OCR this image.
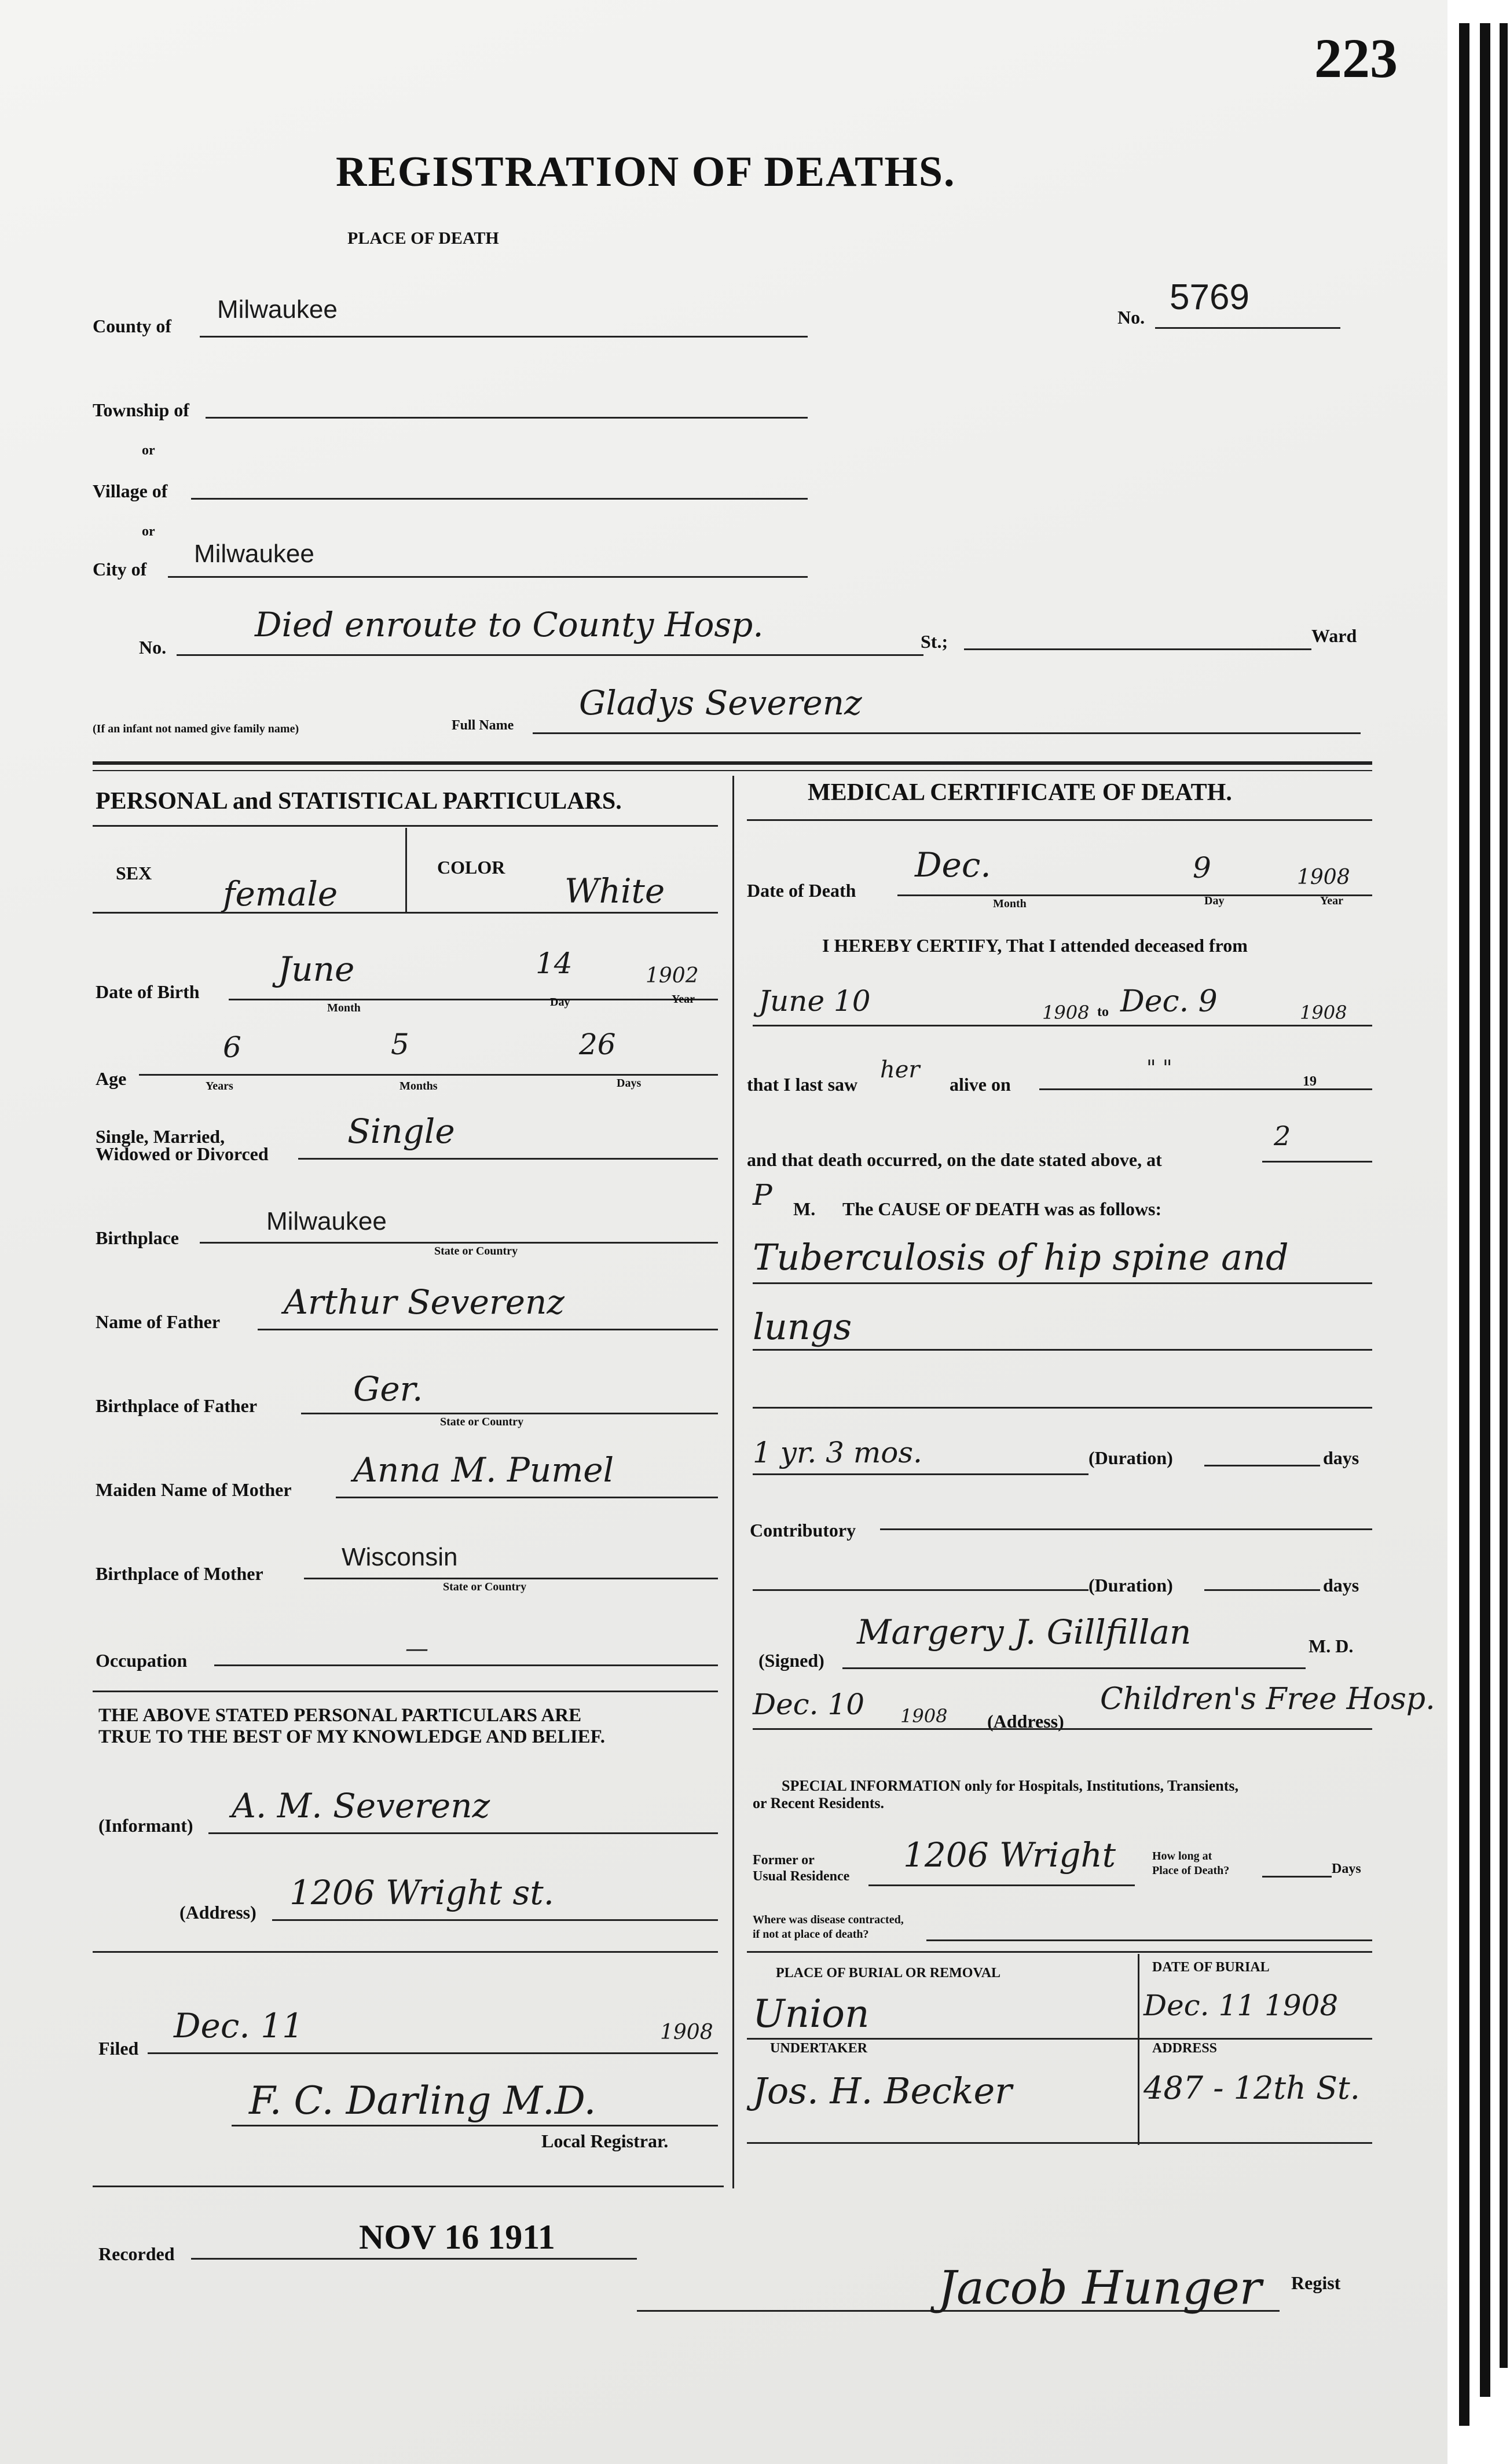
223
REGISTRATION OF DEATHS.
PLACE OF DEATH
County of
Milwaukee	No. 5769
Township of
or
Village of
or
City of
Milwaukee
No.
Died enroute to County Hosp.	St.;	Ward
(If an infant not named give family name)	Full Name
Gladys Severenz
PERSONAL and STATISTICAL PARTICULARS.
SEX
female
COLOR
White
Date of Birth
June	14	1902
Month	Day	Year
Age
6	5	26
Years	Months	Days
Single, Married,
Widowed or Divorced
Single
Birthplace
Milwaukee
State or Country
Name of Father Arthur Severenz
Birthplace of Father	Ger.
State or Country
Maiden Name of Mother Anna M. Pumel
Birthplace of Mother
Wisconsin
State or Country
Occupation	—
THE ABOVE STATED PERSONAL PARTICULARS ARE
TRUE TO THE BEST OF MY KNOWLEDGE AND BELIEF.
(Informant) A. M. Severenz
(Address) 1206 Wright st.
Filed
Dec. 11	1908
F. C. Darling M.D.
Local Registrar.
MEDICAL CERTIFICATE OF DEATH.
Date of Death
Dec.	9	1908
Month	Day	Year
I HEREBY CERTIFY, That I attended deceased from
June 10	1908 to Dec. 9	1908
that I last saw
her
alive on
" "
19
and that death occurred, on the date stated above, at
2
P M. The CAUSE OF DEATH was as follows:
Tuberculosis of hip spine and
lungs
1 yr. 3 mos.	(Duration)	days
Contributory
(Duration)	days
(Signed)
Margery J. Gillfillan	M. D.
Dec. 10 1908 (Address)
Children's Free Hosp.
SPECIAL INFORMATION only for Hospitals, Institutions, Transients,
or Recent Residents.
Former or
Usual Residence
1206 Wright	How long at
Place of Death?	Days
Where was disease contracted,
if not at place of death?
PLACE OF BURIAL OR REMOVAL
Union
DATE OF BURIAL
Dec. 11 1908
UNDERTAKER
Jos. H. Becker
ADDRESS
487 - 12th St.
Recorded	NOV 16 1911
Jacob Hunger Regist
